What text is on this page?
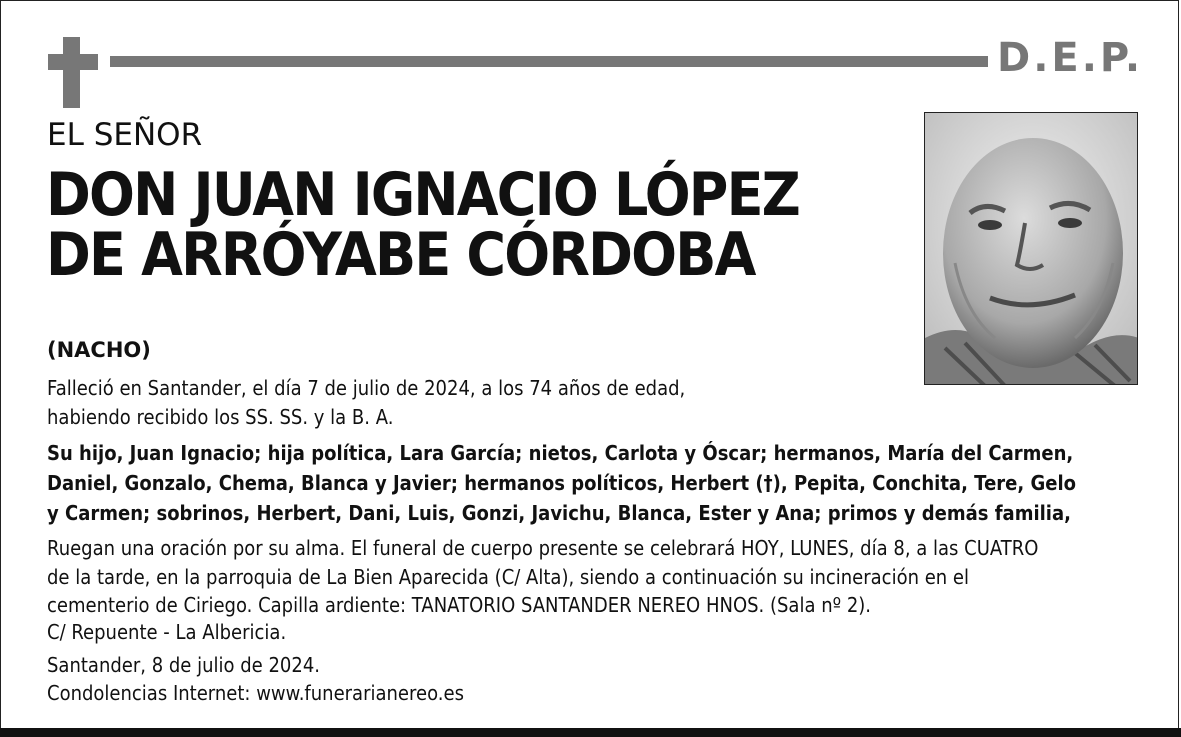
D.E.P.
EL SEÑOR
DON JUAN IGNACIO LÓPEZ
DE ARRÓYABE CÓRDOBA
(NACHO)
Falleció en Santander, el día 7 de julio de 2024, a los 74 años de edad,
habiendo recibido los SS. SS. y la B. A.
Su hijo, Juan Ignacio; hija política, Lara García; nietos, Carlota y Óscar; hermanos, María del Carmen,
Daniel, Gonzalo, Chema, Blanca y Javier; hermanos políticos, Herbert (†), Pepita, Conchita, Tere, Gelo
y Carmen; sobrinos, Herbert, Dani, Luis, Gonzi, Javichu, Blanca, Ester y Ana; primos y demás familia,
Ruegan una oración por su alma. El funeral de cuerpo presente se celebrará HOY, LUNES, día 8, a las CUATRO
de la tarde, en la parroquia de La Bien Aparecida (C/ Alta), siendo a continuación su incineración en el
cementerio de Ciriego. Capilla ardiente: TANATORIO SANTANDER NEREO HNOS. (Sala nº 2).
C/ Repuente - La Albericia.
Santander, 8 de julio de 2024.
Condolencias Internet: www.funerarianereo.es
